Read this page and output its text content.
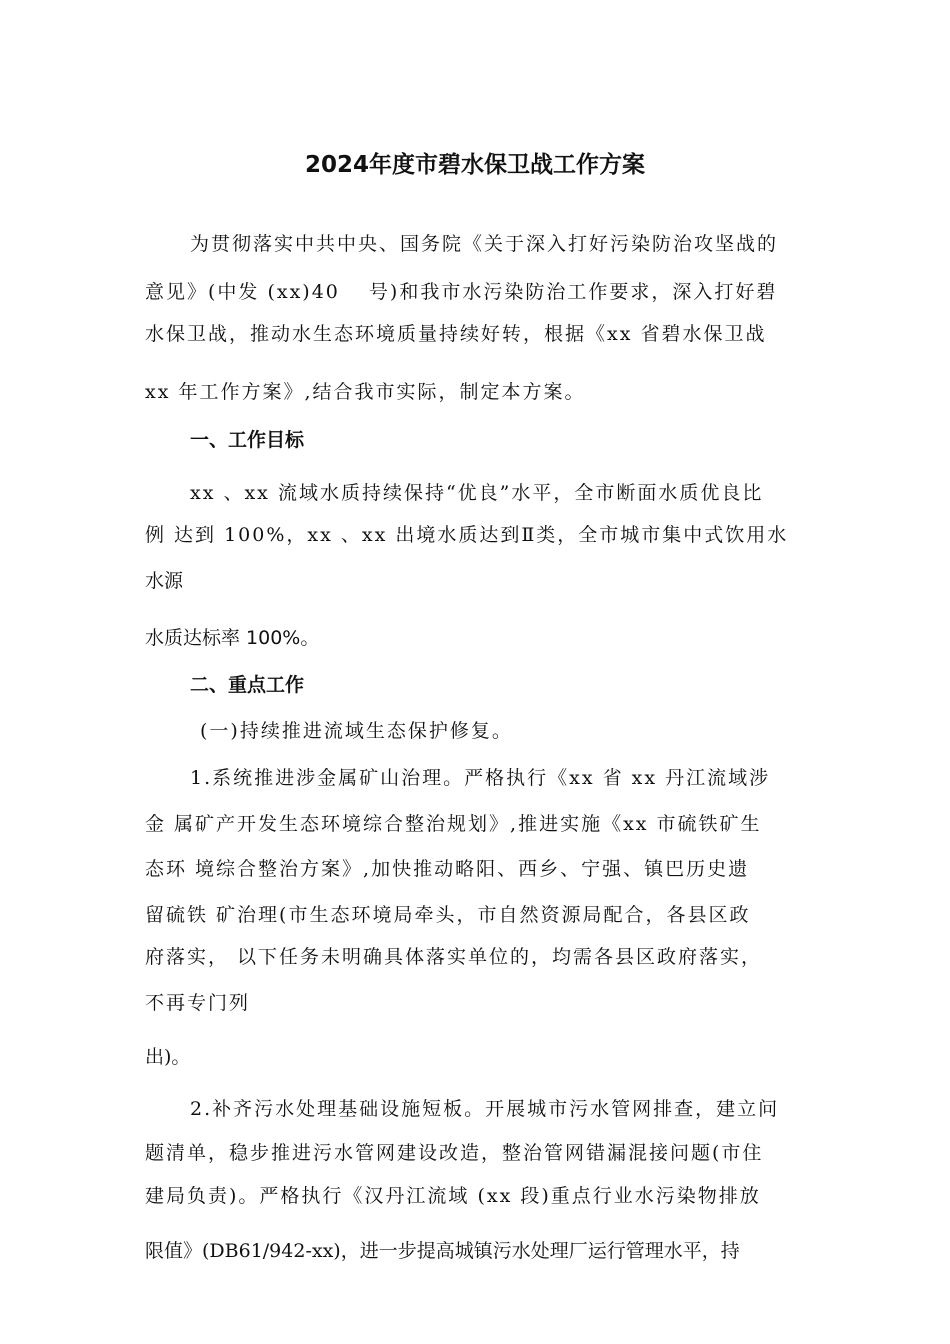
2024年度市碧水保卫战工作方案
为贯彻落实中共中央、国务院《关于深入打好污染防治攻坚战的
意见》(中发 (xx)40　 号)和我市水污染防治工作要求，深入打好碧
水保卫战，推动水生态环境质量持续好转，根据《xx 省碧水保卫战
xx 年工作方案》,结合我市实际，制定本方案。
一、工作目标
xx 、xx 流域水质持续保持“优良”水平，全市断面水质优良比
例 达到 100%，xx 、xx 出境水质达到Ⅱ类，全市城市集中式饮用水
水源
水质达标率 100%。
二、重点工作
(一)持续推进流域生态保护修复。
1.系统推进涉金属矿山治理。严格执行《xx 省 xx 丹江流域涉
金 属矿产开发生态环境综合整治规划》,推进实施《xx 市硫铁矿生
态环 境综合整治方案》,加快推动略阳、西乡、宁强、镇巴历史遗
留硫铁 矿治理(市生态环境局牵头，市自然资源局配合，各县区政
府落实， 以下任务未明确具体落实单位的，均需各县区政府落实，
不再专门列
出)。
2.补齐污水处理基础设施短板。开展城市污水管网排查，建立问
题清单，稳步推进污水管网建设改造，整治管网错漏混接问题(市住
建局负责)。严格执行《汉丹江流域 (xx 段)重点行业水污染物排放
限值》(DB61/942-xx)，进一步提高城镇污水处理厂运行管理水平，持
